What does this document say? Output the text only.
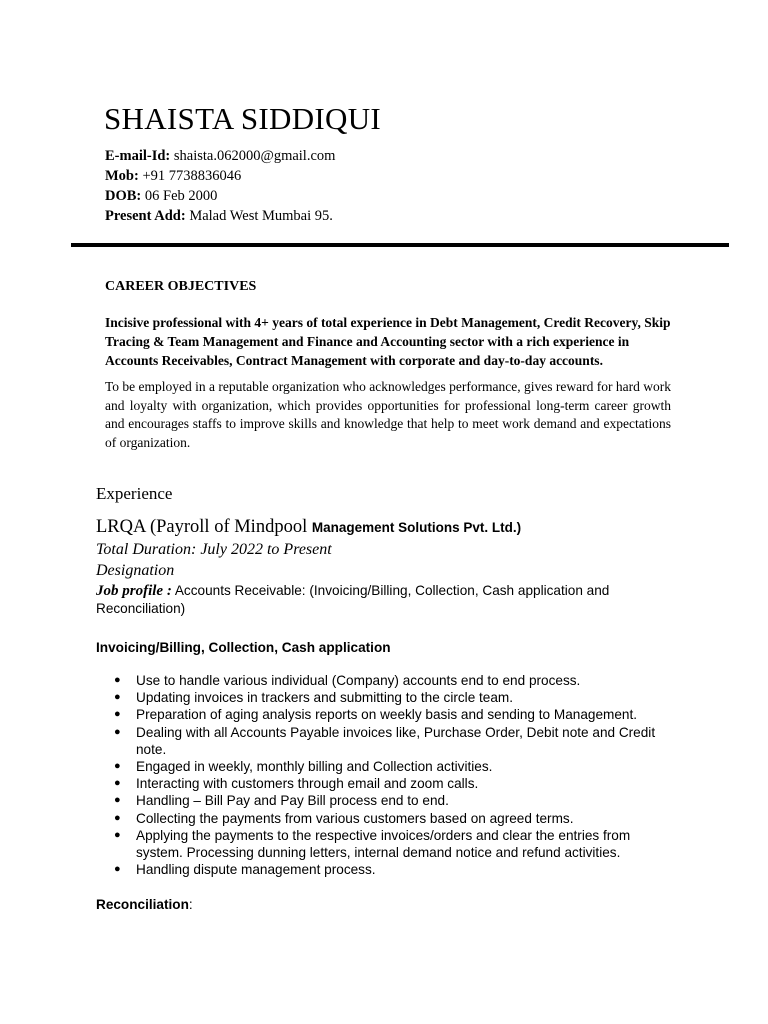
SHAISTA SIDDIQUI
E-mail-Id: shaista.062000@gmail.com
Mob: +91 7738836046
DOB: 06 Feb 2000
Present Add: Malad West Mumbai 95.
CAREER OBJECTIVES

Incisive professional with 4+ years of total experience in Debt Management, Credit Recovery, Skip Tracing & Team Management and Finance and Accounting sector with a rich experience in Accounts Receivables, Contract Management with corporate and day-to-day accounts.

To be employed in a reputable organization who acknowledges performance, gives reward for hard work and loyalty with organization, which provides opportunities for professional long-term career growth and encourages staffs to improve skills and knowledge that help to meet work demand and expectations of organization.

Experience
LRQA (Payroll of Mindpool Management Solutions Pvt. Ltd.)

Total Duration: July 2022 to Present

Designation

Job profile : Accounts Receivable: (Invoicing/Billing, Collection, Cash application and Reconciliation)

Invoicing/Billing, Collection, Cash application

● Use to handle various individual (Company) accounts end to end process.
● Updating invoices in trackers and submitting to the circle team.
● Preparation of aging analysis reports on weekly basis and sending to Management.
● Dealing with all Accounts Payable invoices like, Purchase Order, Debit note and Credit note.
● Engaged in weekly, monthly billing and Collection activities.
● Interacting with customers through email and zoom calls.
● Handling – Bill Pay and Pay Bill process end to end.
● Collecting the payments from various customers based on agreed terms.
● Applying the payments to the respective invoices/orders and clear the entries from system. Processing dunning letters, internal demand notice and refund activities.
● Handling dispute management process.

Reconciliation:
